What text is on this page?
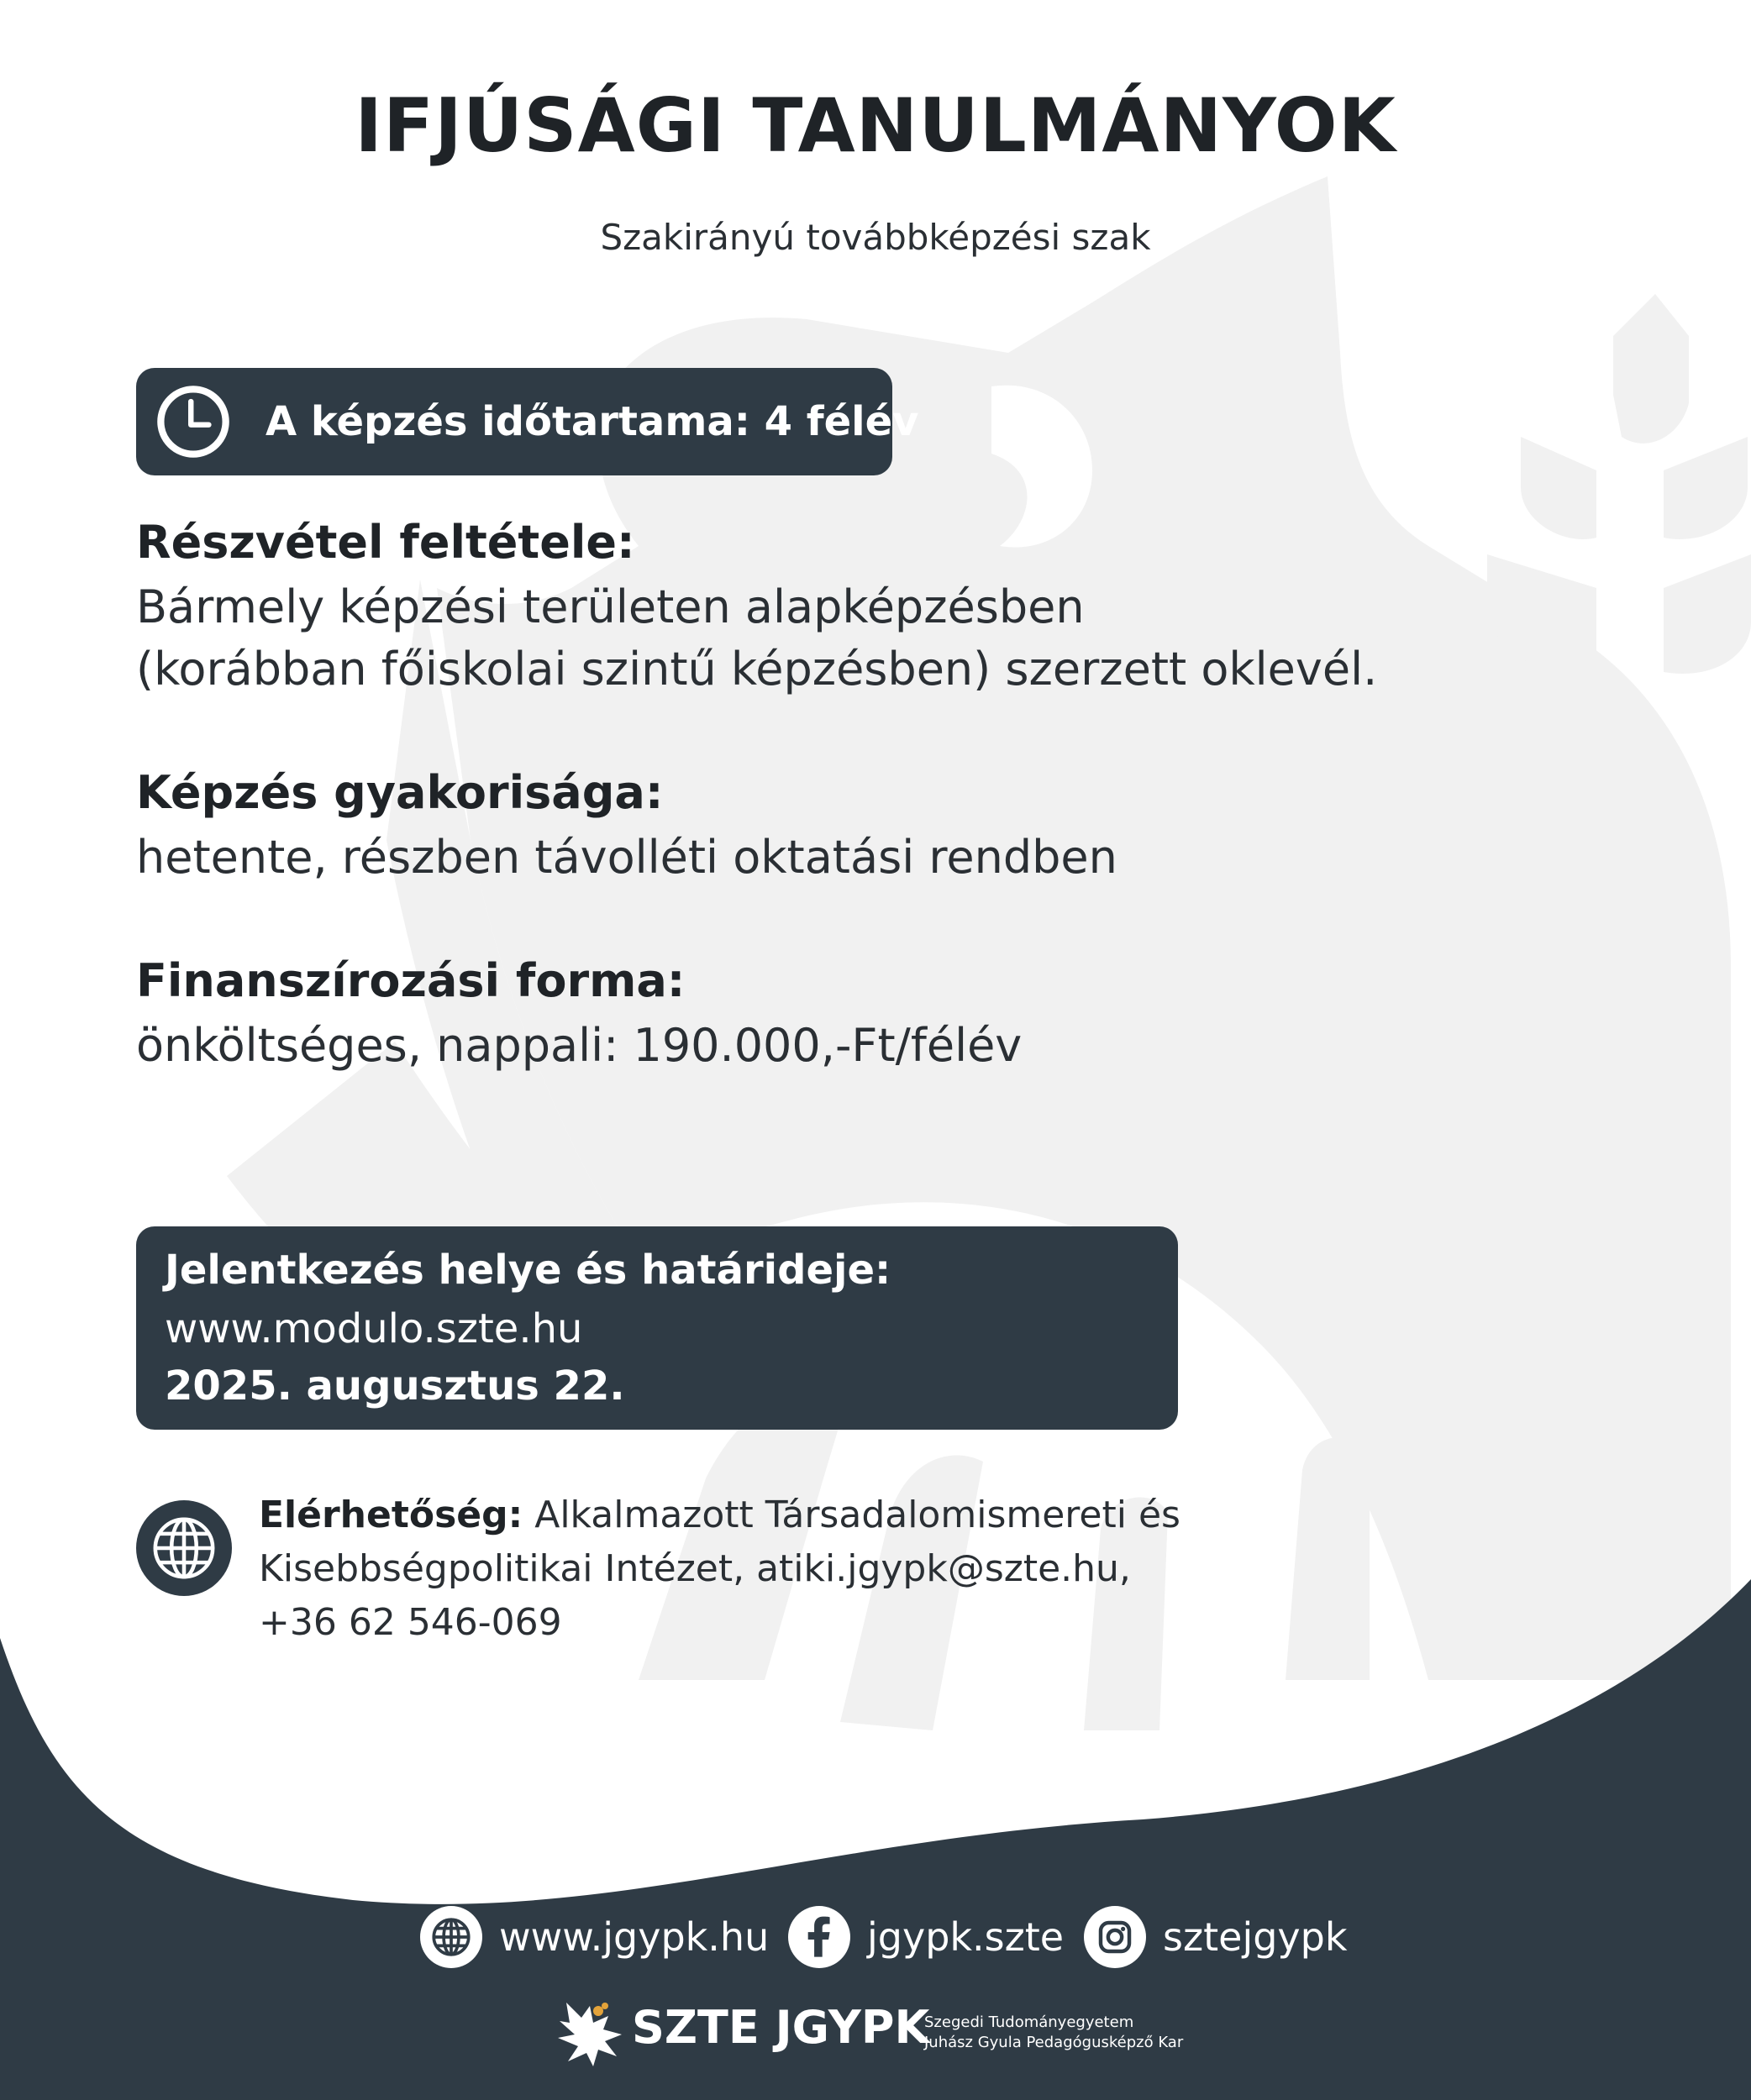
IFJÚSÁGI TANULMÁNYOK
Szakirányú továbbképzési szak
A képzés időtartama: 4 félév
Részvétel feltétele:
Bármely képzési területen alapképzésben
(korábban főiskolai szintű képzésben) szerzett oklevél.
Képzés gyakorisága:
hetente, részben távolléti oktatási rendben
Finanszírozási forma:
önköltséges, nappali: 190.000,-Ft/félév
Jelentkezés helye és határideje:
www.modulo.szte.hu
2025. augusztus 22.
Elérhetőség: Alkalmazott Társadalomismereti és Kisebbségpolitikai Intézet, atiki.jgypk@szte.hu,
+36 62 546-069
www.jgypk.hu	jgypk.szte	sztejgypk
SZTE JGYPK
Szegedi Tudományegyetem
Juhász Gyula Pedagógusképző Kar
